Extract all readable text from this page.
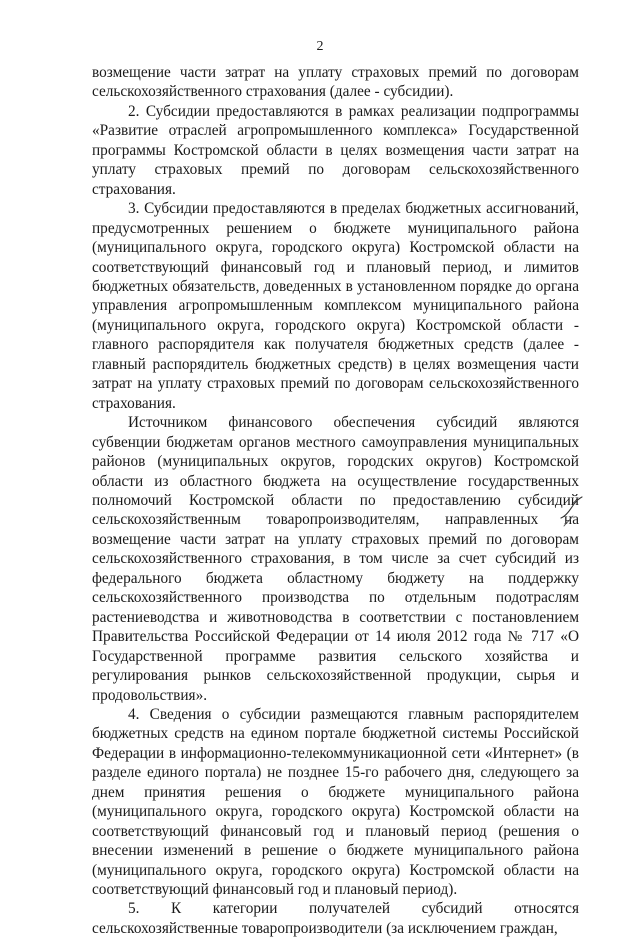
2

возмещение части затрат на уплату страховых премий по договорам сельскохозяйственного страхования (далее - субсидии).

2. Субсидии предоставляются в рамках реализации подпрограммы «Развитие отраслей агропромышленного комплекса» Государственной программы Костромской области в целях возмещения части затрат на уплату страховых премий по договорам сельскохозяйственного страхования.

3. Субсидии предоставляются в пределах бюджетных ассигнований, предусмотренных решением о бюджете муниципального района (муниципального округа, городского округа) Костромской области на соответствующий финансовый год и плановый период, и лимитов бюджетных обязательств, доведенных в установленном порядке до органа управления агропромышленным комплексом муниципального района (муниципального округа, городского округа) Костромской области - главного распорядителя как получателя бюджетных средств (далее - главный распорядитель бюджетных средств) в целях возмещения части затрат на уплату страховых премий по договорам сельскохозяйственного страхования.

Источником финансового обеспечения субсидий являются субвенции бюджетам органов местного самоуправления муниципальных районов (муниципальных округов, городских округов) Костромской области из областного бюджета на осуществление государственных полномочий Костромской области по предоставлению субсидий сельскохозяйственным товаропроизводителям, направленных на возмещение части затрат на уплату страховых премий по договорам сельскохозяйственного страхования, в том числе за счет субсидий из федерального бюджета областному бюджету на поддержку сельскохозяйственного производства по отдельным подотраслям растениеводства и животноводства в соответствии с постановлением Правительства Российской Федерации от 14 июля 2012 года № 717 «О Государственной программе развития сельского хозяйства и регулирования рынков сельскохозяйственной продукции, сырья и продовольствия».

4. Сведения о субсидии размещаются главным распорядителем бюджетных средств на едином портале бюджетной системы Российской Федерации в информационно-телекоммуникационной сети «Интернет» (в разделе единого портала) не позднее 15-го рабочего дня, следующего за днем принятия решения о бюджете муниципального района (муниципального округа, городского округа) Костромской области на соответствующий финансовый год и плановый период (решения о внесении изменений в решение о бюджете муниципального района (муниципального округа, городского округа) Костромской области на соответствующий финансовый год и плановый период).

5. К категории получателей субсидий относятся сельскохозяйственные товаропроизводители (за исключением граждан,
